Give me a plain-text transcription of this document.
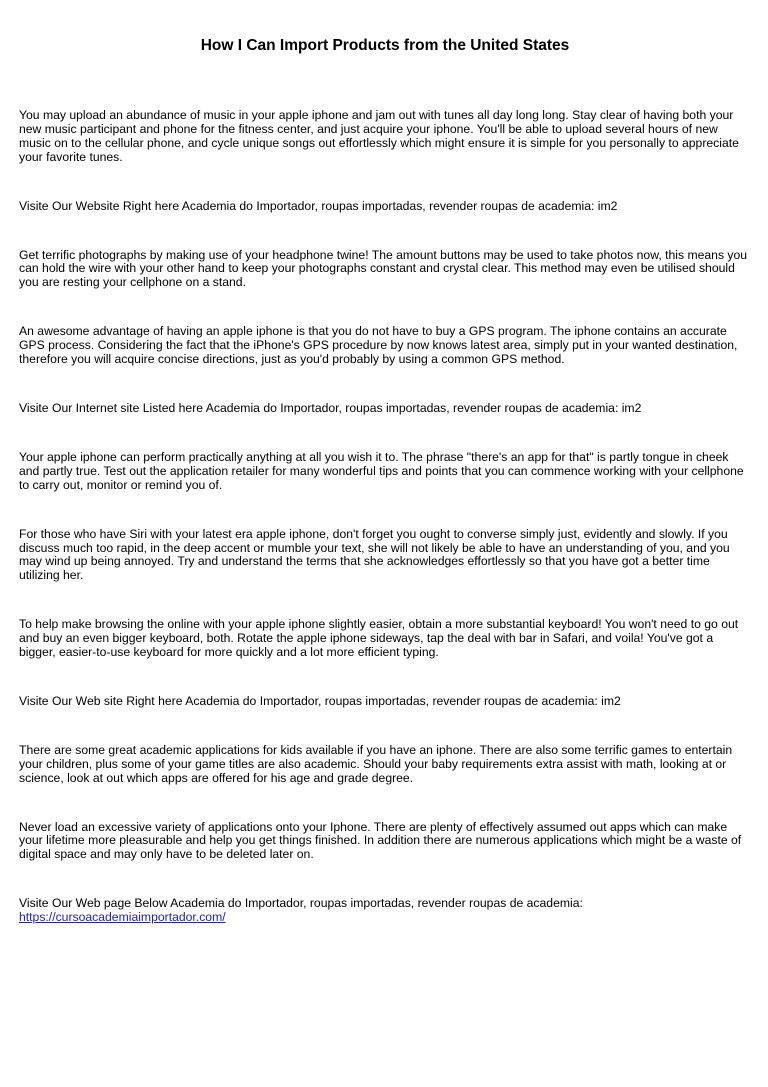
How I Can Import Products from the United States

You may upload an abundance of music in your apple iphone and jam out with tunes all day long long. Stay clear of having both your new music participant and phone for the fitness center, and just acquire your iphone. You'll be able to upload several hours of new music on to the cellular phone, and cycle unique songs out effortlessly which might ensure it is simple for you personally to appreciate your favorite tunes.

Visite Our Website Right here Academia do Importador, roupas importadas, revender roupas de academia: im2

Get terrific photographs by making use of your headphone twine! The amount buttons may be used to take photos now, this means you can hold the wire with your other hand to keep your photographs constant and crystal clear. This method may even be utilised should you are resting your cellphone on a stand.

An awesome advantage of having an apple iphone is that you do not have to buy a GPS program. The iphone contains an accurate GPS process. Considering the fact that the iPhone's GPS procedure by now knows latest area, simply put in your wanted destination, therefore you will acquire concise directions, just as you'd probably by using a common GPS method.

Visite Our Internet site Listed here Academia do Importador, roupas importadas, revender roupas de academia: im2

Your apple iphone can perform practically anything at all you wish it to. The phrase "there's an app for that" is partly tongue in cheek and partly true. Test out the application retailer for many wonderful tips and points that you can commence working with your cellphone to carry out, monitor or remind you of.

For those who have Siri with your latest era apple iphone, don't forget you ought to converse simply just, evidently and slowly. If you discuss much too rapid, in the deep accent or mumble your text, she will not likely be able to have an understanding of you, and you may wind up being annoyed. Try and understand the terms that she acknowledges effortlessly so that you have got a better time utilizing her.

To help make browsing the online with your apple iphone slightly easier, obtain a more substantial keyboard! You won't need to go out and buy an even bigger keyboard, both. Rotate the apple iphone sideways, tap the deal with bar in Safari, and voila! You've got a bigger, easier-to-use keyboard for more quickly and a lot more efficient typing.

Visite Our Web site Right here Academia do Importador, roupas importadas, revender roupas de academia: im2

There are some great academic applications for kids available if you have an iphone. There are also some terrific games to entertain your children, plus some of your game titles are also academic. Should your baby requirements extra assist with math, looking at or science, look at out which apps are offered for his age and grade degree.

Never load an excessive variety of applications onto your Iphone. There are plenty of effectively assumed out apps which can make your lifetime more pleasurable and help you get things finished. In addition there are numerous applications which might be a waste of digital space and may only have to be deleted later on.

Visite Our Web page Below Academia do Importador, roupas importadas, revender roupas de academia:
https://cursoacademiaimportador.com/
